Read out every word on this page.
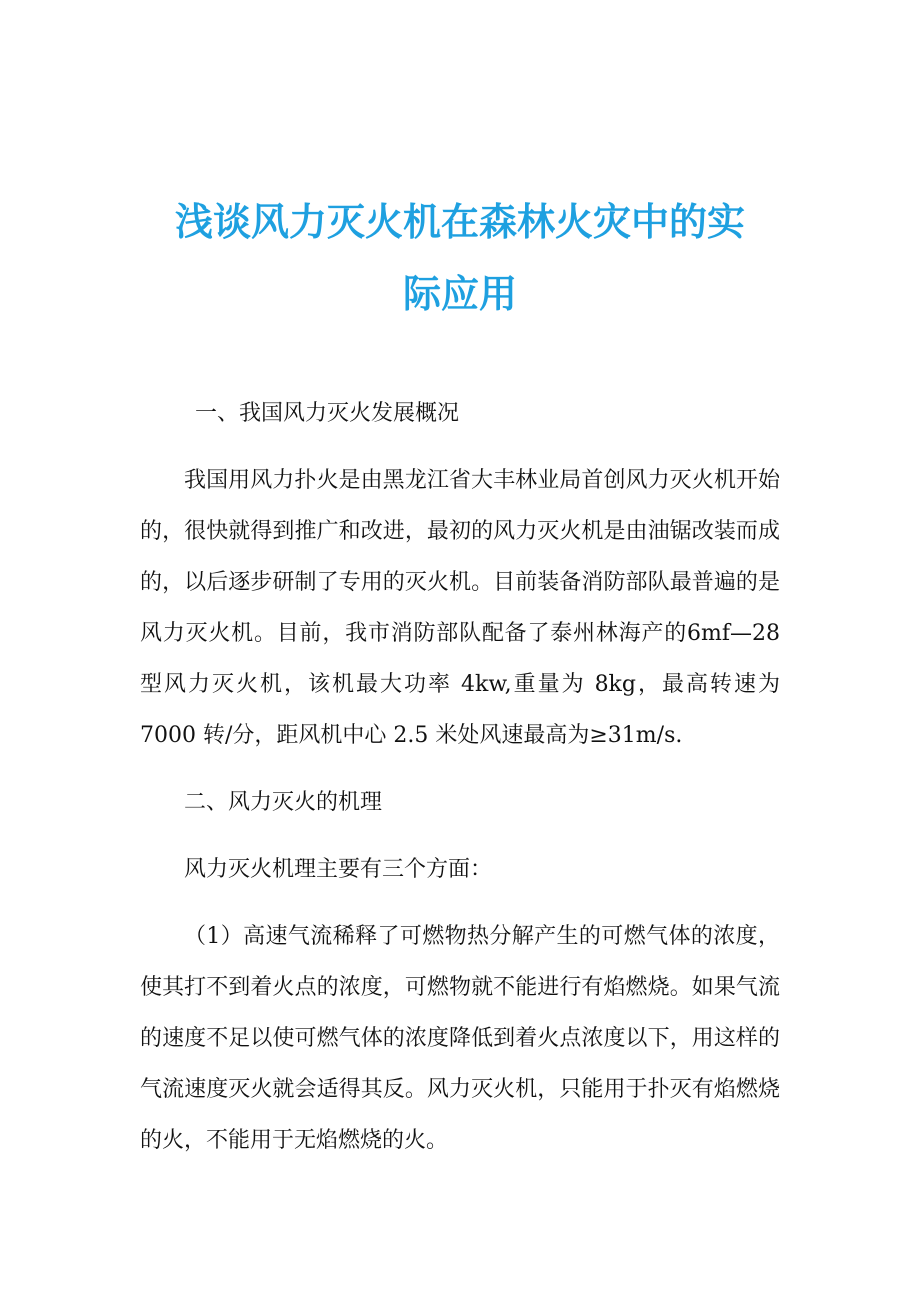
浅谈风力灭火机在森林火灾中的实
际应用

一、我国风力灭火发展概况

我国用风力扑火是由黑龙江省大丰林业局首创风力灭火机开始的，很快就得到推广和改进，最初的风力灭火机是由油锯改装而成的，以后逐步研制了专用的灭火机。目前装备消防部队最普遍的是风力灭火机。目前，我市消防部队配备了泰州林海产的6mf—28 型风力灭火机，该机最大功率 4kw,重量为 8kg，最高转速为 7000 转/分，距风机中心 2.5 米处风速最高为≥31m/s.

二、风力灭火的机理

风力灭火机理主要有三个方面：

（1）高速气流稀释了可燃物热分解产生的可燃气体的浓度，使其打不到着火点的浓度，可燃物就不能进行有焰燃烧。如果气流的速度不足以使可燃气体的浓度降低到着火点浓度以下，用这样的气流速度灭火就会适得其反。风力灭火机，只能用于扑灭有焰燃烧的火，不能用于无焰燃烧的火。
